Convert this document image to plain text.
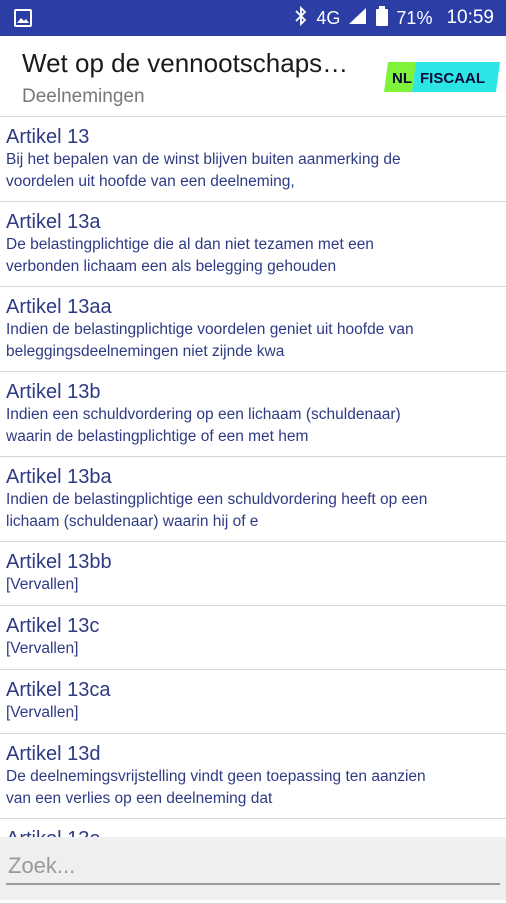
4G	71% 10:59
Wet op de vennootschaps…
Deelnemingen
NL FISCAAL
Artikel 13
Bij het bepalen van de winst blijven buiten aanmerking de
voordelen uit hoofde van een deelneming,
Artikel 13a
De belastingplichtige die al dan niet tezamen met een
verbonden lichaam een als belegging gehouden
Artikel 13aa
Indien de belastingplichtige voordelen geniet uit hoofde van
beleggingsdeelnemingen niet zijnde kwa
Artikel 13b
Indien een schuldvordering op een lichaam (schuldenaar)
waarin de belastingplichtige of een met hem
Artikel 13ba
Indien de belastingplichtige een schuldvordering heeft op een
lichaam (schuldenaar) waarin hij of e
Artikel 13bb
[Vervallen]
Artikel 13c
[Vervallen]
Artikel 13ca
[Vervallen]
Artikel 13d
De deelnemingsvrijstelling vindt geen toepassing ten aanzien
van een verlies op een deelneming dat
Zoek...
